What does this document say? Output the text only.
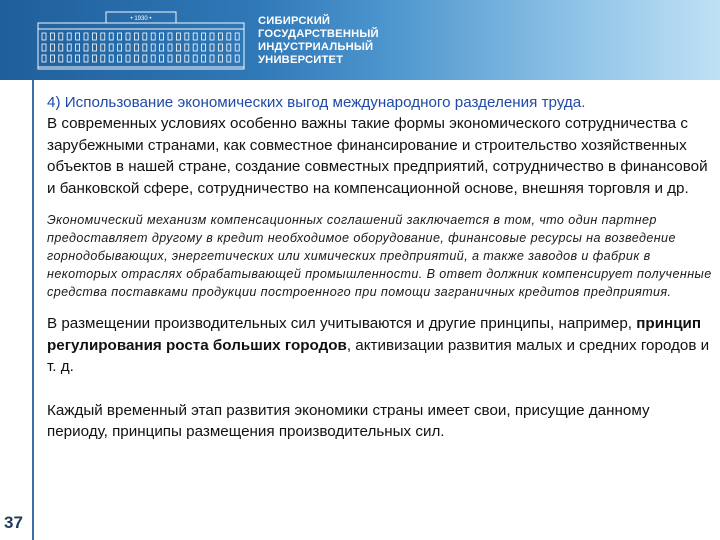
• 1930 •	СИБИРСКИЙ
ГОСУДАРСТВЕННЫЙ
ИНДУСТРИАЛЬНЫЙ
УНИВЕРСИТЕТ
37
4) Использование экономических выгод международного разделения труда.

В современных условиях особенно важны такие формы экономического сотрудничества с зарубежными странами, как совместное финансирование и строительство хозяйственных объектов в нашей стране, создание совместных предприятий, сотрудничество в финансовой и банковской сфере, сотрудничество на компенсационной основе, внешняя торговля и др.

Экономический механизм компенсационных соглашений заключается в том, что один партнер предоставляет другому в кредит необходимое оборудование, финансовые ресурсы на возведение горнодобывающих, энергетических или химических предприятий, а также заводов и фабрик в некоторых отраслях обрабатывающей промышленности. В ответ должник компенсирует полученные средства поставками продукции построенного при помощи заграничных кредитов предприятия.
В размещении производительных сил учитываются и другие принципы, например, принцип регулирования роста больших городов, активизации развития малых и средних городов и т. д.
Каждый временный этап развития экономики страны имеет свои, присущие данному периоду, принципы размещения производительных сил.
